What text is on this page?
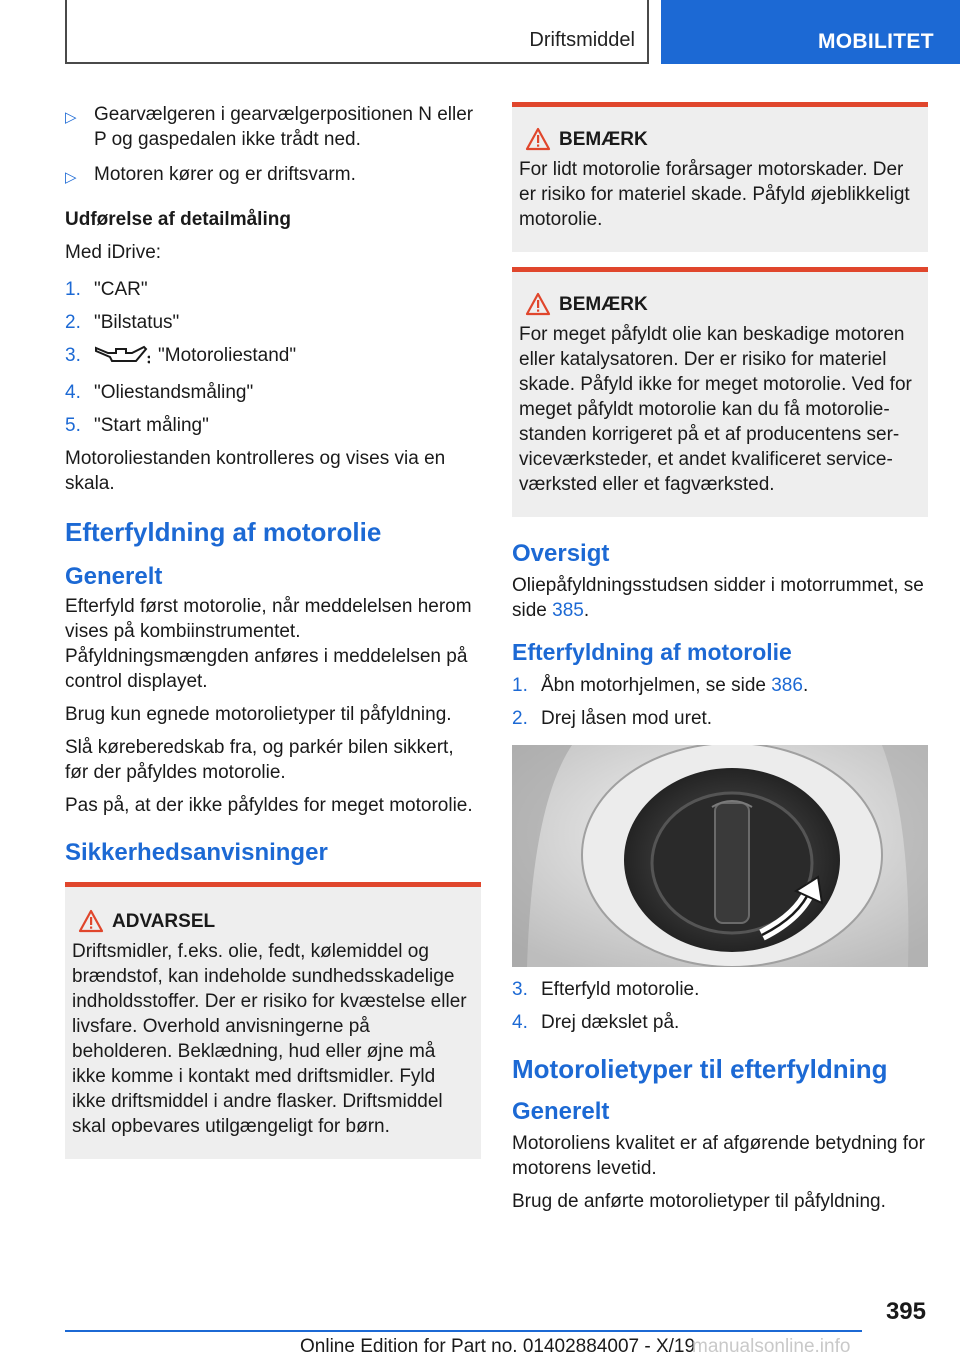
Driftsmiddel	MOBILITET
▷ Gearvælgeren i gearvælgerpositionen N eller P og gaspedalen ikke trådt ned.
▷ Motoren kører og er driftsvarm.

Udførelse af detailmåling

Med iDrive:

1. "CAR"
2. "Bilstatus"
3.	"Motoroliestand"
4. "Oliestandsmåling"
5. "Start måling"

Motoroliestanden kontrolleres og vises via en skala.

Efterfyldning af motorolie
Generelt

Efterfyld først motorolie, når meddelelsen herom vises på kombiinstrumentet. Påfyldningsmængden anføres i meddelelsen på control displayet.

Brug kun egnede motorolietyper til påfyldning.

Slå køreberedskab fra, og parkér bilen sikkert, før der påfyldes motorolie.

Pas på, at der ikke påfyldes for meget motorolie.

Sikkerhedsanvisninger
ADVARSEL

Driftsmidler, f.eks. olie, fedt, kølemiddel og brændstof, kan indeholde sundhedsskadelige indholdsstoffer. Der er risiko for kvæstelse eller livsfare. Overhold anvisningerne på beholderen. Beklædning, hud eller øjne må ikke komme i kontakt med driftsmidler. Fyld ikke driftsmiddel i andre flasker. Driftsmiddel skal opbevares utilgængeligt for børn.

BEMÆRK

For lidt motorolie forårsager motorskader. Der er risiko for materiel skade. Påfyld øjeblikkeligt motorolie.

BEMÆRK

For meget påfyldt olie kan beskadige motoren eller katalysatoren. Der er risiko for materiel skade. Påfyld ikke for meget motorolie. Ved for meget påfyldt motorolie kan du få motoroliestanden korrigeret på et af producentens serviceværksteder, et andet kvalificeret serviceværksted eller et fagværksted.

Oversigt

Oliepåfyldningsstudsen sidder i motorrummet, se side 385.

Efterfyldning af motorolie
1. Åbn motorhjelmen, se side 386.
2. Drej låsen mod uret.
3. Efterfyld motorolie.
4. Drej dækslet på.
Motorolietyper til efterfyldning
Generelt

Motoroliens kvalitet er af afgørende betydning for motorens levetid.

Brug de anførte motorolietyper til påfyldning.

395
Online Edition for Part no. 01402884007 - X/19
manualsonline.info
